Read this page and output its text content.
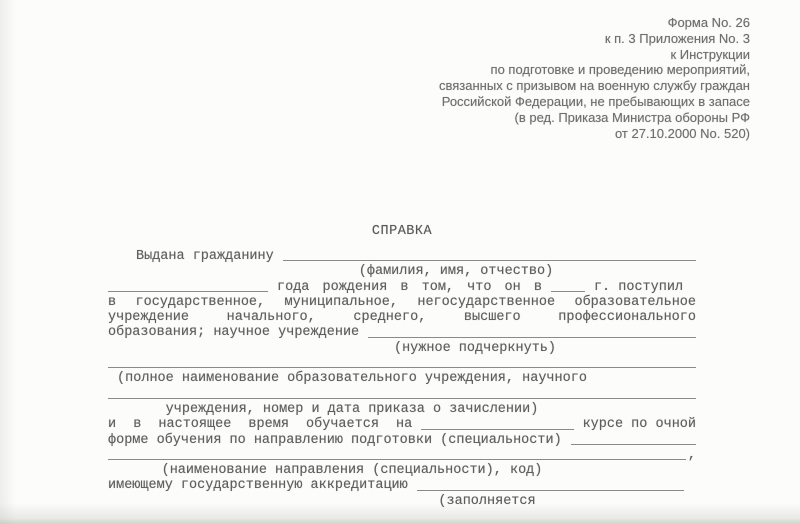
Форма No. 26
к п. 3 Приложения No. 3
к Инструкции
по подготовке и проведению мероприятий,
связанных с призывом на военную службу граждан
Российской Федерации, не пребывающих в запасе
(в ред. Приказа Министра обороны РФ
от 27.10.2000 No. 520)
СПРАВКА
Выдана гражданину
(фамилия, имя, отчество)
года рождения в том, что он в	г. поступил
в государственное, муниципальное, негосударственное образовательное
учреждение начального, среднего, высшего профессионального
образования; научное учреждение
(нужное подчеркнуть)
(полное наименование образовательного учреждения, научного
учреждения, номер и дата приказа о зачислении)
и в настоящее время обучается на	курсе по очной
форме обучения по направлению подготовки (специальности)
,
(наименование направления (специальности), код)
имеющему государственную аккредитацию
(заполняется
